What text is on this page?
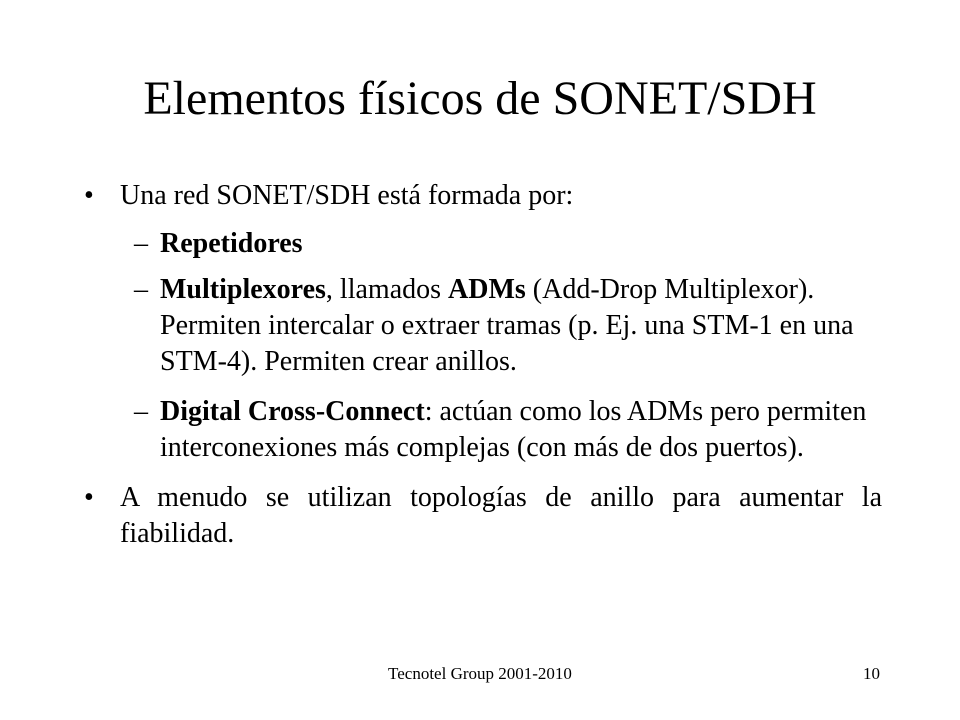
Elementos físicos de SONET/SDH

• Una red SONET/SDH está formada por:

– Repetidores

– Multiplexores, llamados ADMs (Add-Drop Multiplexor). Permiten intercalar o extraer tramas (p. Ej. una STM-1 en una STM-4). Permiten crear anillos.

– Digital Cross-Connect: actúan como los ADMs pero permiten interconexiones más complejas (con más de dos puertos).

• A menudo se utilizan topologías de anillo para aumentar la fiabilidad.

Tecnotel Group 2001-2010	10
